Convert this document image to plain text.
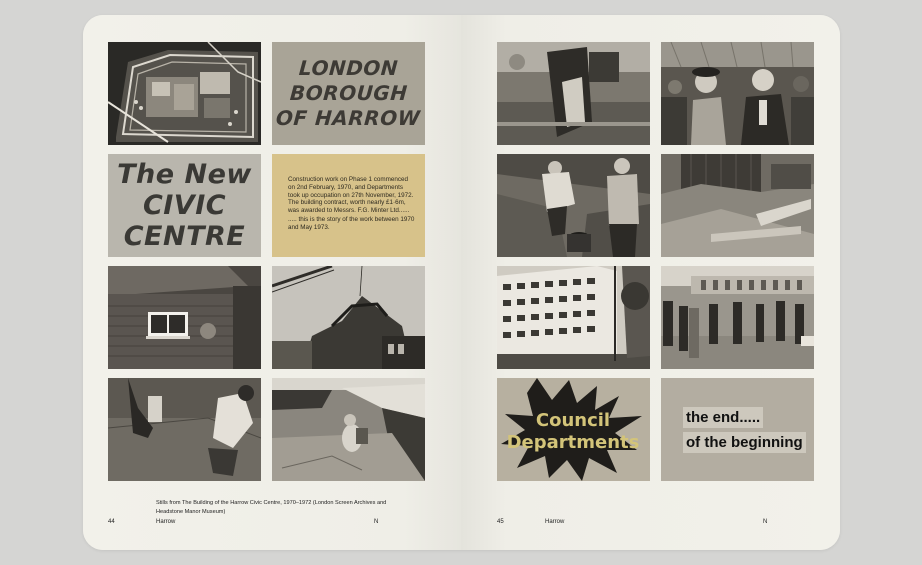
LONDON
BOROUGH
OF HARROW
The New
CIVIC
CENTRE

Construction work on Phase 1 commenced on 2nd February, 1970, and Departments took up occupation on 27th November, 1972. The building contract, worth nearly £1·6m, was awarded to Messrs. F.G. Minter Ltd......

..... this is the story of the work between 1970 and May 1973.

Stills from The Building of the Harrow Civic Centre, 1970–1972 (London Screen Archives and Headstone Manor Museum)

44	Harrow	N
Council
Departments
the end.....
of the beginning
45	Harrow	N
